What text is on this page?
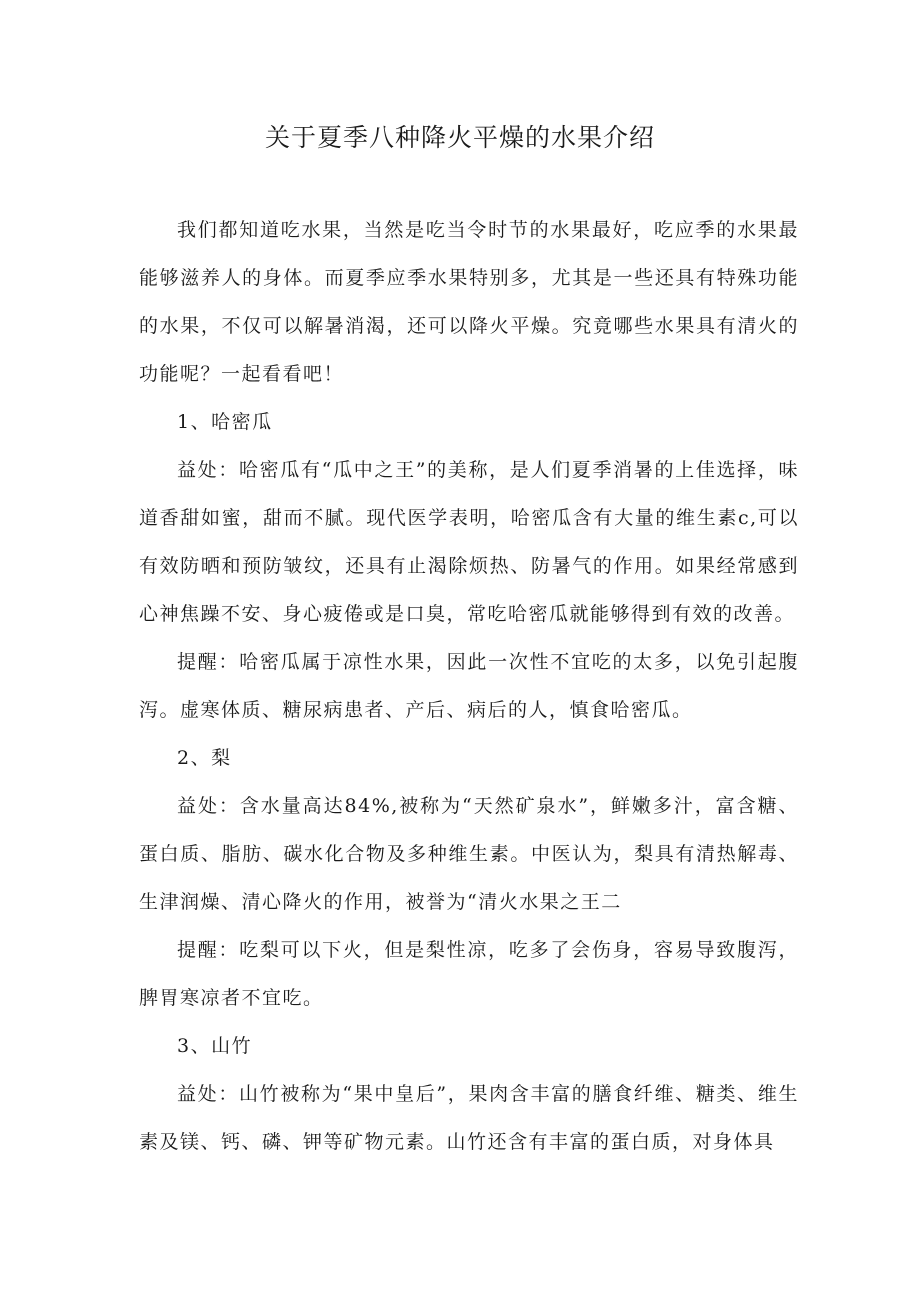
关于夏季八种降火平燥的水果介绍

我们都知道吃水果，当然是吃当令时节的水果最好，吃应季的水果最能够滋养人的身体。而夏季应季水果特别多，尤其是一些还具有特殊功能的水果，不仅可以解暑消渴，还可以降火平燥。究竟哪些水果具有清火的功能呢？一起看看吧！

1、哈密瓜

益处：哈密瓜有“瓜中之王”的美称，是人们夏季消暑的上佳选择，味道香甜如蜜，甜而不腻。现代医学表明，哈密瓜含有大量的维生素c,可以有效防晒和预防皱纹，还具有止渴除烦热、防暑气的作用。如果经常感到心神焦躁不安、身心疲倦或是口臭，常吃哈密瓜就能够得到有效的改善。

提醒：哈密瓜属于凉性水果，因此一次性不宜吃的太多，以免引起腹泻。虚寒体质、糖尿病患者、产后、病后的人，慎食哈密瓜。

2、梨

益处：含水量高达84%,被称为“天然矿泉水”，鲜嫩多汁，富含糖、蛋白质、脂肪、碳水化合物及多种维生素。中医认为，梨具有清热解毒、生津润燥、清心降火的作用，被誉为“清火水果之王二

提醒：吃梨可以下火，但是梨性凉，吃多了会伤身，容易导致腹泻，脾胃寒凉者不宜吃。

3、山竹

益处：山竹被称为“果中皇后”，果肉含丰富的膳食纤维、糖类、维生素及镁、钙、磷、钾等矿物元素。山竹还含有丰富的蛋白质，对身体具
